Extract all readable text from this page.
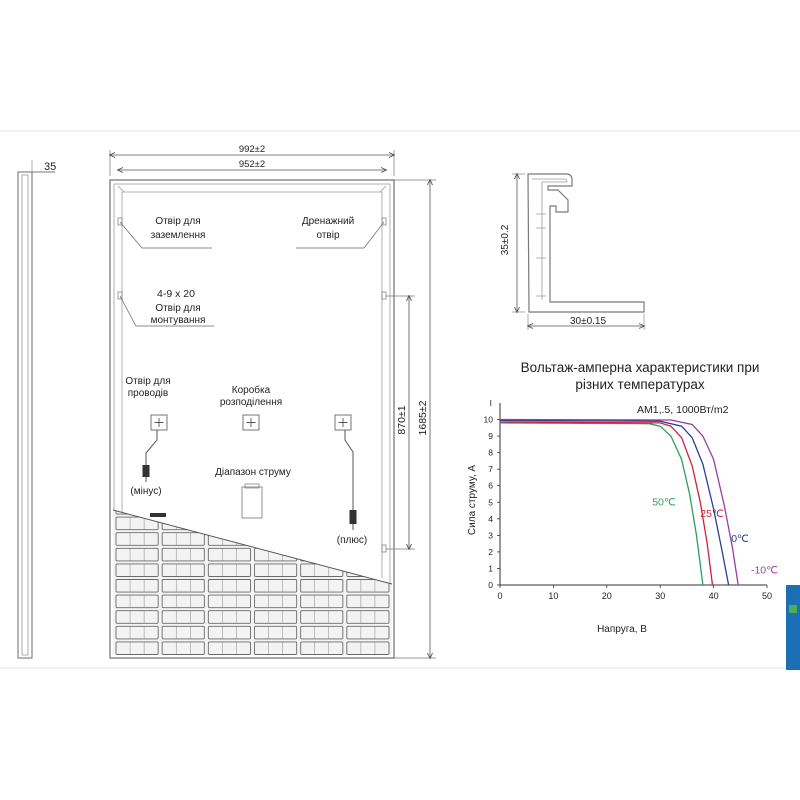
35
992±2
952±2
Отвір для
заземлення
Дренажний
отвір
4-9 x 20
Отвір для
монтування
Отвір для
проводів	Коробка
розподілення
Діапазон струму
(мінус)
(плюс)
870±1 1685±2
35±0.2
30±0.15
Вольтаж-амперна характеристики при
різних температурах
AM1,.5, 1000Вт/m2
Сила струму, А
Напруга, В
0	10	20	30	40	50
0
1
2
3
4
5
6
7
8
9
10
I
50℃
25℃
0℃
-10℃
